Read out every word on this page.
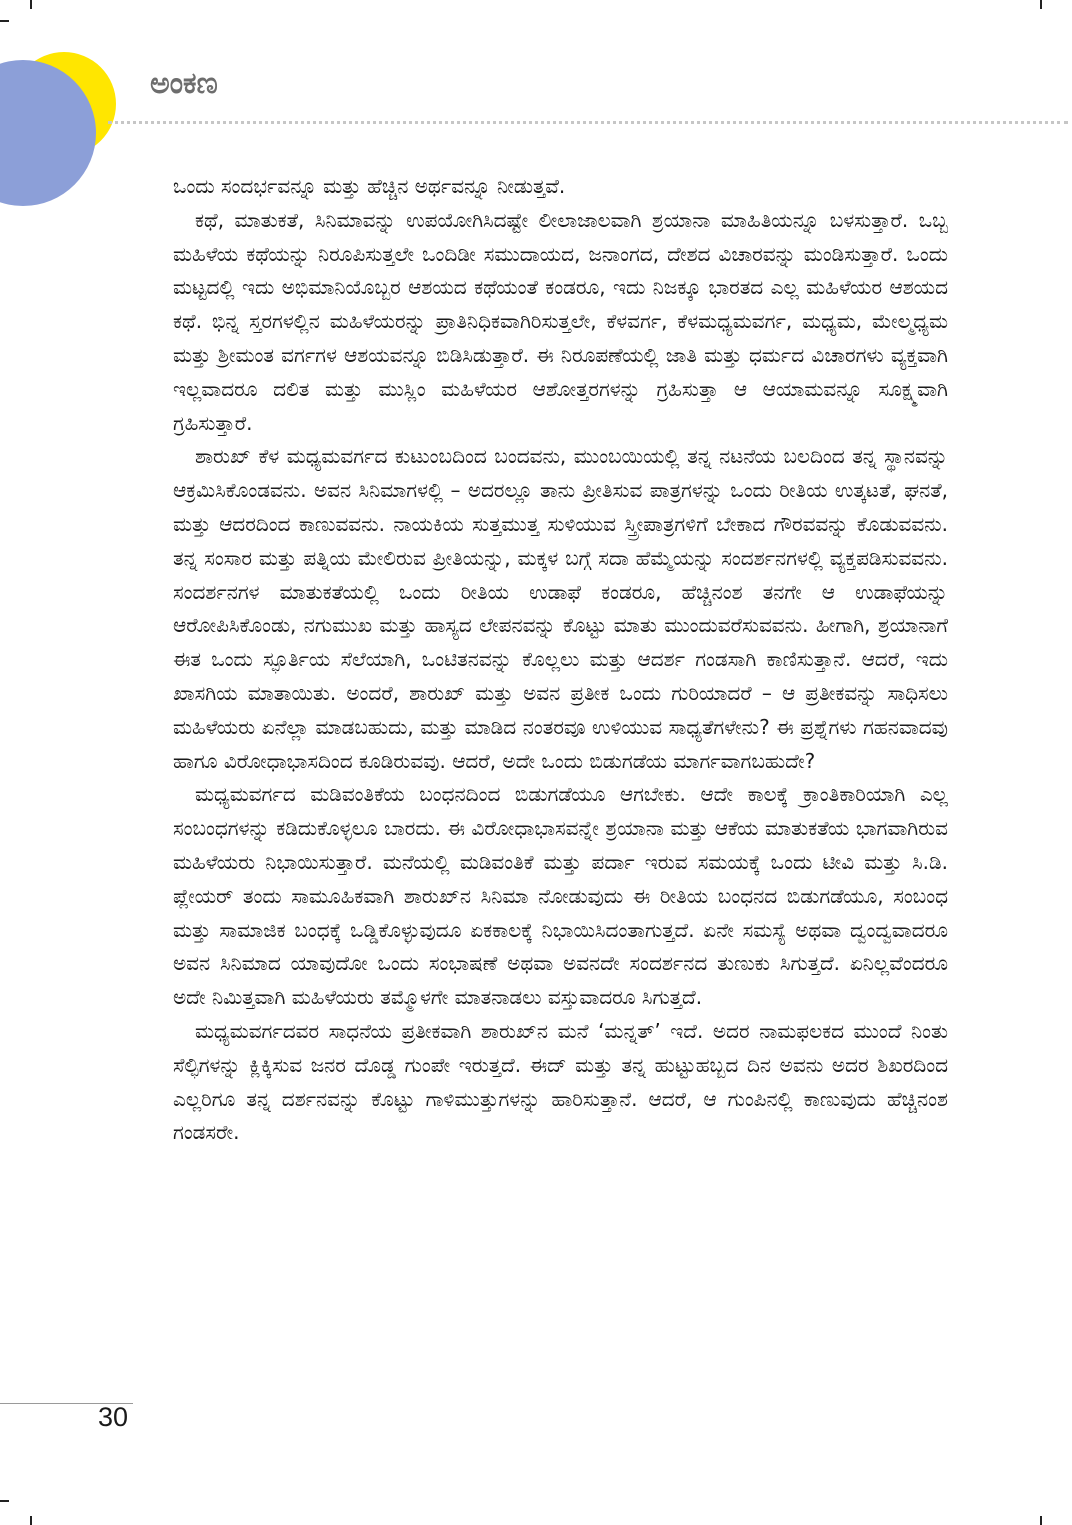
ಅಂಕಣ

ಒಂದು ಸಂದರ್ಭವನ್ನೂ ಮತ್ತು ಹೆಚ್ಚಿನ ಅರ್ಥವನ್ನೂ ನೀಡುತ್ತವೆ.

ಕಥೆ, ಮಾತುಕತೆ, ಸಿನಿಮಾವನ್ನು ಉಪಯೋಗಿಸಿದಷ್ಟೇ ಲೀಲಾಜಾಲವಾಗಿ ಶ್ರಯಾನಾ ಮಾಹಿತಿಯನ್ನೂ ಬಳಸುತ್ತಾರೆ. ಒಬ್ಬ ಮಹಿಳೆಯ ಕಥೆಯನ್ನು ನಿರೂಪಿಸುತ್ತಲೇ ಒಂದಿಡೀ ಸಮುದಾಯದ, ಜನಾಂಗದ, ದೇಶದ ವಿಚಾರವನ್ನು ಮಂಡಿಸುತ್ತಾರೆ. ಒಂದು ಮಟ್ಟದಲ್ಲಿ ಇದು ಅಭಿಮಾನಿಯೊಬ್ಬರ ಆಶಯದ ಕಥೆಯಂತೆ ಕಂಡರೂ, ಇದು ನಿಜಕ್ಕೂ ಭಾರತದ ಎಲ್ಲ ಮಹಿಳೆಯರ ಆಶಯದ ಕಥೆ. ಭಿನ್ನ ಸ್ತರಗಳಲ್ಲಿನ ಮಹಿಳೆಯರನ್ನು ಪ್ರಾತಿನಿಧಿಕವಾಗಿರಿಸುತ್ತಲೇ, ಕೆಳವರ್ಗ, ಕೆಳಮಧ್ಯಮವರ್ಗ, ಮಧ್ಯಮ, ಮೇಲ್ಮಧ್ಯಮ ಮತ್ತು ಶ್ರೀಮಂತ ವರ್ಗಗಳ ಆಶಯವನ್ನೂ ಬಿಡಿಸಿಡುತ್ತಾರೆ. ಈ ನಿರೂಪಣೆಯಲ್ಲಿ ಜಾತಿ ಮತ್ತು ಧರ್ಮದ ವಿಚಾರಗಳು ವ್ಯಕ್ತವಾಗಿ ಇಲ್ಲವಾದರೂ ದಲಿತ ಮತ್ತು ಮುಸ್ಲಿಂ ಮಹಿಳೆಯರ ಆಶೋತ್ತರಗಳನ್ನು ಗ್ರಹಿಸುತ್ತಾ ಆ ಆಯಾಮವನ್ನೂ ಸೂಕ್ಷ್ಮವಾಗಿ ಗ್ರಹಿಸುತ್ತಾರೆ.

ಶಾರುಖ್ ಕೆಳ ಮಧ್ಯಮವರ್ಗದ ಕುಟುಂಬದಿಂದ ಬಂದವನು, ಮುಂಬಯಿಯಲ್ಲಿ ತನ್ನ ನಟನೆಯ ಬಲದಿಂದ ತನ್ನ ಸ್ಥಾನವನ್ನು ಆಕ್ರಮಿಸಿಕೊಂಡವನು. ಅವನ ಸಿನಿಮಾಗಳಲ್ಲಿ – ಅದರಲ್ಲೂ ತಾನು ಪ್ರೀತಿಸುವ ಪಾತ್ರಗಳನ್ನು ಒಂದು ರೀತಿಯ ಉತ್ಕಟತೆ, ಘನತೆ, ಮತ್ತು ಆದರದಿಂದ ಕಾಣುವವನು. ನಾಯಕಿಯ ಸುತ್ತಮುತ್ತ ಸುಳಿಯುವ ಸ್ತ್ರೀಪಾತ್ರಗಳಿಗೆ ಬೇಕಾದ ಗೌರವವನ್ನು ಕೊಡುವವನು. ತನ್ನ ಸಂಸಾರ ಮತ್ತು ಪತ್ನಿಯ ಮೇಲಿರುವ ಪ್ರೀತಿಯನ್ನು, ಮಕ್ಕಳ ಬಗ್ಗೆ ಸದಾ ಹೆಮ್ಮೆಯನ್ನು ಸಂದರ್ಶನಗಳಲ್ಲಿ ವ್ಯಕ್ತಪಡಿಸುವವನು. ಸಂದರ್ಶನಗಳ ಮಾತುಕತೆಯಲ್ಲಿ ಒಂದು ರೀತಿಯ ಉಡಾಫೆ ಕಂಡರೂ, ಹೆಚ್ಚಿನಂಶ ತನಗೇ ಆ ಉಡಾಫೆಯನ್ನು ಆರೋಪಿಸಿಕೊಂಡು, ನಗುಮುಖ ಮತ್ತು ಹಾಸ್ಯದ ಲೇಪನವನ್ನು ಕೊಟ್ಟು ಮಾತು ಮುಂದುವರೆಸುವವನು. ಹೀಗಾಗಿ, ಶ್ರಯಾನಾಗೆ ಈತ ಒಂದು ಸ್ಫೂರ್ತಿಯ ಸೆಲೆಯಾಗಿ, ಒಂಟಿತನವನ್ನು ಕೊಲ್ಲಲು ಮತ್ತು ಆದರ್ಶ ಗಂಡಸಾಗಿ ಕಾಣಿಸುತ್ತಾನೆ. ಆದರೆ, ಇದು ಖಾಸಗಿಯ ಮಾತಾಯಿತು. ಅಂದರೆ, ಶಾರುಖ್ ಮತ್ತು ಅವನ ಪ್ರತೀಕ ಒಂದು ಗುರಿಯಾದರೆ – ಆ ಪ್ರತೀಕವನ್ನು ಸಾಧಿಸಲು ಮಹಿಳೆಯರು ಏನೆಲ್ಲಾ ಮಾಡಬಹುದು, ಮತ್ತು ಮಾಡಿದ ನಂತರವೂ ಉಳಿಯುವ ಸಾಧ್ಯತೆಗಳೇನು? ಈ ಪ್ರಶ್ನೆಗಳು ಗಹನವಾದವು ಹಾಗೂ ವಿರೋಧಾಭಾಸದಿಂದ ಕೂಡಿರುವವು. ಆದರೆ, ಅದೇ ಒಂದು ಬಿಡುಗಡೆಯ ಮಾರ್ಗವಾಗಬಹುದೇ?

ಮಧ್ಯಮವರ್ಗದ ಮಡಿವಂತಿಕೆಯ ಬಂಧನದಿಂದ ಬಿಡುಗಡೆಯೂ ಆಗಬೇಕು. ಆದೇ ಕಾಲಕ್ಕೆ ಕ್ರಾಂತಿಕಾರಿಯಾಗಿ ಎಲ್ಲ ಸಂಬಂಧಗಳನ್ನು ಕಡಿದುಕೊಳ್ಳಲೂ ಬಾರದು. ಈ ವಿರೋಧಾಭಾಸವನ್ನೇ ಶ್ರಯಾನಾ ಮತ್ತು ಆಕೆಯ ಮಾತುಕತೆಯ ಭಾಗವಾಗಿರುವ ಮಹಿಳೆಯರು ನಿಭಾಯಿಸುತ್ತಾರೆ. ಮನೆಯಲ್ಲಿ ಮಡಿವಂತಿಕೆ ಮತ್ತು ಪರ್ದಾ ಇರುವ ಸಮಯಕ್ಕೆ ಒಂದು ಟೀವಿ ಮತ್ತು ಸಿ.ಡಿ. ಪ್ಲೇಯರ್ ತಂದು ಸಾಮೂಹಿಕವಾಗಿ ಶಾರುಖ್‌ನ ಸಿನಿಮಾ ನೋಡುವುದು ಈ ರೀತಿಯ ಬಂಧನದ ಬಿಡುಗಡೆಯೂ, ಸಂಬಂಧ ಮತ್ತು ಸಾಮಾಜಿಕ ಬಂಧಕ್ಕೆ ಒಡ್ಡಿಕೊಳ್ಳುವುದೂ ಏಕಕಾಲಕ್ಕೆ ನಿಭಾಯಿಸಿದಂತಾಗುತ್ತದೆ. ಏನೇ ಸಮಸ್ಯೆ ಅಥವಾ ದ್ವಂದ್ವವಾದರೂ ಅವನ ಸಿನಿಮಾದ ಯಾವುದೋ ಒಂದು ಸಂಭಾಷಣೆ ಅಥವಾ ಅವನದೇ ಸಂದರ್ಶನದ ತುಣುಕು ಸಿಗುತ್ತದೆ. ಏನಿಲ್ಲವೆಂದರೂ ಅದೇ ನಿಮಿತ್ತವಾಗಿ ಮಹಿಳೆಯರು ತಮ್ಮೊಳಗೇ ಮಾತನಾಡಲು ವಸ್ತುವಾದರೂ ಸಿಗುತ್ತದೆ.

ಮಧ್ಯಮವರ್ಗದವರ ಸಾಧನೆಯ ಪ್ರತೀಕವಾಗಿ ಶಾರುಖ್‌ನ ಮನೆ ‘ಮನ್ನತ್’ ಇದೆ. ಅದರ ನಾಮಫಲಕದ ಮುಂದೆ ನಿಂತು ಸೆಲ್ಫಿಗಳನ್ನು ಕ್ಲಿಕ್ಕಿಸುವ ಜನರ ದೊಡ್ಡ ಗುಂಪೇ ಇರುತ್ತದೆ. ಈದ್ ಮತ್ತು ತನ್ನ ಹುಟ್ಟುಹಬ್ಬದ ದಿನ ಅವನು ಅದರ ಶಿಖರದಿಂದ ಎಲ್ಲರಿಗೂ ತನ್ನ ದರ್ಶನವನ್ನು ಕೊಟ್ಟು ಗಾಳಿಮುತ್ತುಗಳನ್ನು ಹಾರಿಸುತ್ತಾನೆ. ಆದರೆ, ಆ ಗುಂಪಿನಲ್ಲಿ ಕಾಣುವುದು ಹೆಚ್ಚಿನಂಶ ಗಂಡಸರೇ.

30
